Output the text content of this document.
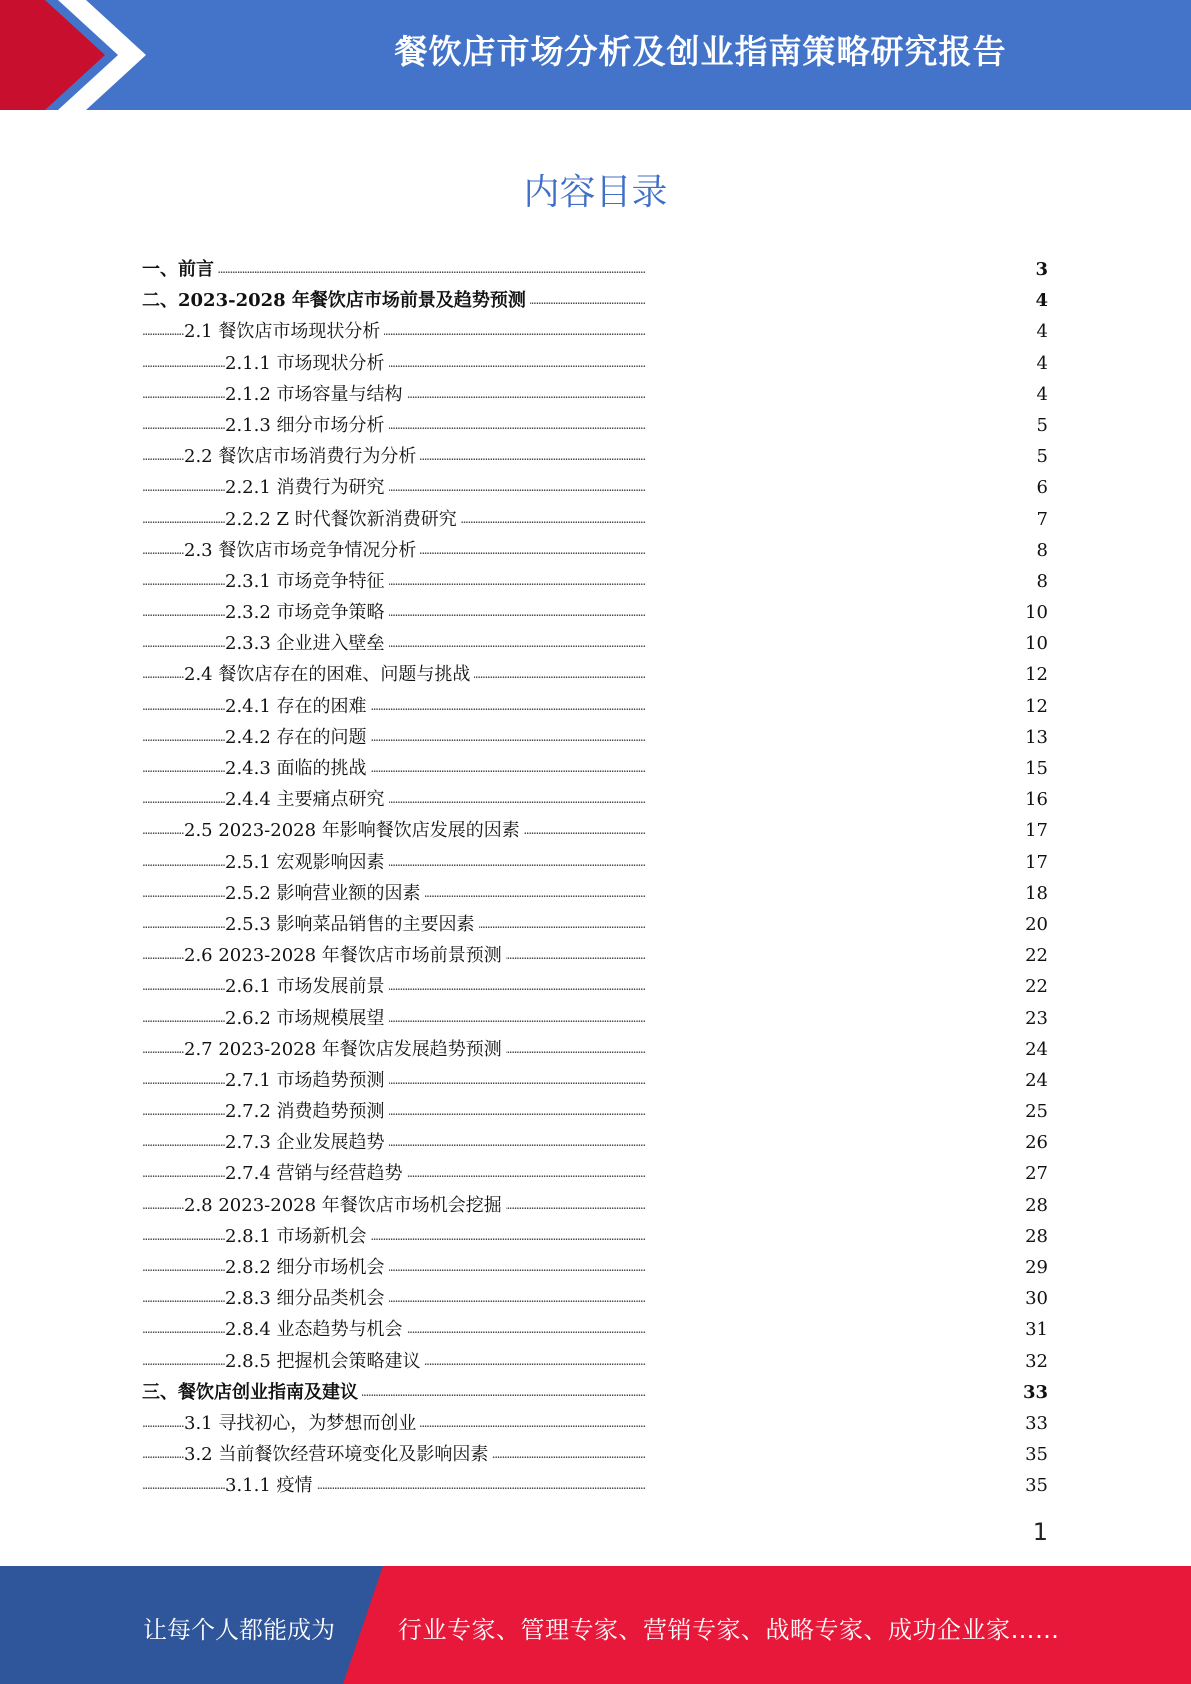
餐饮店市场分析及创业指南策略研究报告
内容目录
一、前言	3
. . .
二、2023-2028 年餐饮店市场前景及趋势预测	4
. . .
2.1 餐饮店市场现状分析	4
. . .
2.1.1 市场现状分析	4
. . .
2.1.2 市场容量与结构	4
. . .
2.1.3 细分市场分析	5
. . .
2.2 餐饮店市场消费行为分析	5
. . .
2.2.1 消费行为研究	6
. . .
2.2.2 Z 时代餐饮新消费研究	7
. . .
2.3 餐饮店市场竞争情况分析	8
. . .
2.3.1 市场竞争特征	8
. . .
2.3.2 市场竞争策略	10
. . .
2.3.3 企业进入壁垒	10
. . .
2.4 餐饮店存在的困难、问题与挑战	12
. . .
2.4.1 存在的困难	12
. . .
2.4.2 存在的问题	13
. . .
2.4.3 面临的挑战	15
. . .
2.4.4 主要痛点研究	16
. . .
2.5 2023-2028 年影响餐饮店发展的因素	17
. . .
2.5.1 宏观影响因素	17
. . .
2.5.2 影响营业额的因素	18
. . .
2.5.3 影响菜品销售的主要因素	20
. . .
2.6 2023-2028 年餐饮店市场前景预测	22
. . .
2.6.1 市场发展前景	22
. . .
2.6.2 市场规模展望	23
. . .
2.7 2023-2028 年餐饮店发展趋势预测	24
. . .
2.7.1 市场趋势预测	24
. . .
2.7.2 消费趋势预测	25
. . .
2.7.3 企业发展趋势	26
. . .
2.7.4 营销与经营趋势	27
. . .
2.8 2023-2028 年餐饮店市场机会挖掘	28
. . .
2.8.1 市场新机会	28
. . .
2.8.2 细分市场机会	29
. . .
2.8.3 细分品类机会	30
. . .
2.8.4 业态趋势与机会	31
. . .
2.8.5 把握机会策略建议	32
. . .
三、餐饮店创业指南及建议	33
. . .
3.1 寻找初心，为梦想而创业	33
. . .
3.2 当前餐饮经营环境变化及影响因素	35
. . .
3.1.1 疫情	35
. . .
1
让每个人都能成为	行业专家、管理专家、营销专家、战略专家、成功企业家……
